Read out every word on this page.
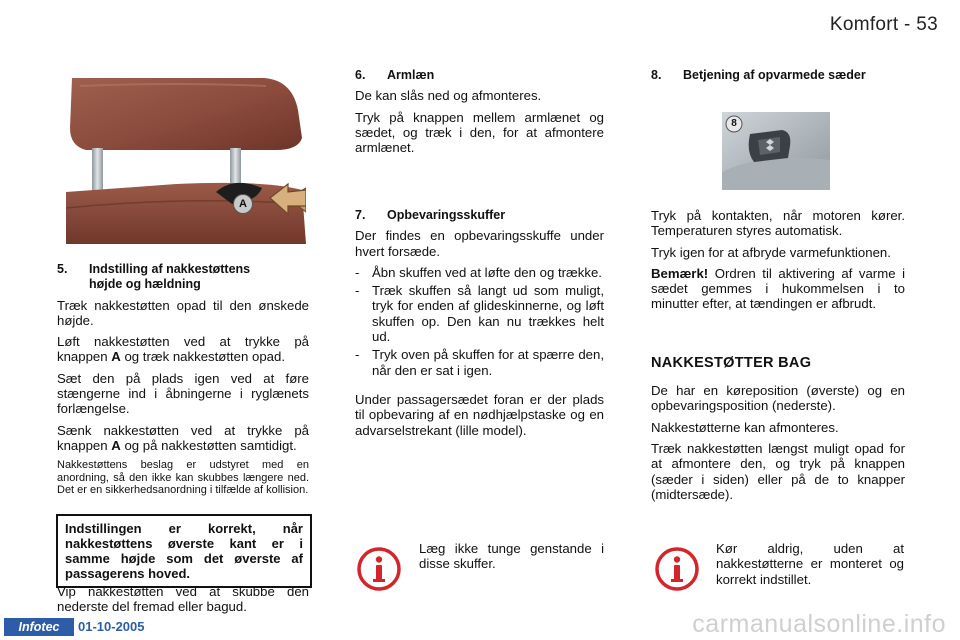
Komfort - 53
A
5. Indstilling af nakkestøttens
højde og hældning

Træk nakkestøtten opad til den ønskede højde.

Løft nakkestøtten ved at trykke på knappen A og træk nakkestøtten opad.

Sæt den på plads igen ved at føre stængerne ind i åbningerne i ryglænets forlængelse.

Sænk nakkestøtten ved at trykke på knappen A og på nakkestøtten samtidigt.

Nakkestøttens beslag er udstyret med en anordning, så den ikke kan skubbes længere ned. Det er en sikkerhedsanordning i tilfælde af kollision.

Indstillingen er korrekt, når nakkestøttens øverste kant er i samme højde som det øverste af passagerens hoved.

Vip nakkestøtten ved at skubbe den nederste del fremad eller bagud.

6. Armlæn

De kan slås ned og afmonteres.

Tryk på knappen mellem armlænet og sædet, og træk i den, for at afmontere armlænet.

7. Opbevaringsskuffer

Der findes en opbevaringsskuffe under hvert forsæde.

- Åbn skuffen ved at løfte den og trække.
- Træk skuffen så langt ud som muligt, tryk for enden af glideskinnerne, og løft skuffen op. Den kan nu trækkes helt ud.
- Tryk oven på skuffen for at spærre den, når den er sat i igen.

Under passagersædet foran er der plads til opbevaring af en nødhjælpstaske og en advarselstrekant (lille model).

Læg ikke tunge genstande i disse skuffer.
8. Betjening af opvarmede sæder
8

Tryk på kontakten, når motoren kører. Temperaturen styres automatisk.

Tryk igen for at afbryde varmefunktionen.

Bemærk! Ordren til aktivering af varme i sædet gemmes i hukommelsen i to minutter efter, at tændingen er afbrudt.

NAKKESTØTTER BAG

De har en køreposition (øverste) og en opbevaringsposition (nederste).

Nakkestøtterne kan afmonteres.

Træk nakkestøtten længst muligt opad for at afmontere den, og tryk på knappen (sæder i siden) eller på de to knapper (midtersæde).

Kør aldrig, uden at nakkestøtterne er monteret og korrekt indstillet.
Infotec	01-10-2005	carmanualsonline.info
